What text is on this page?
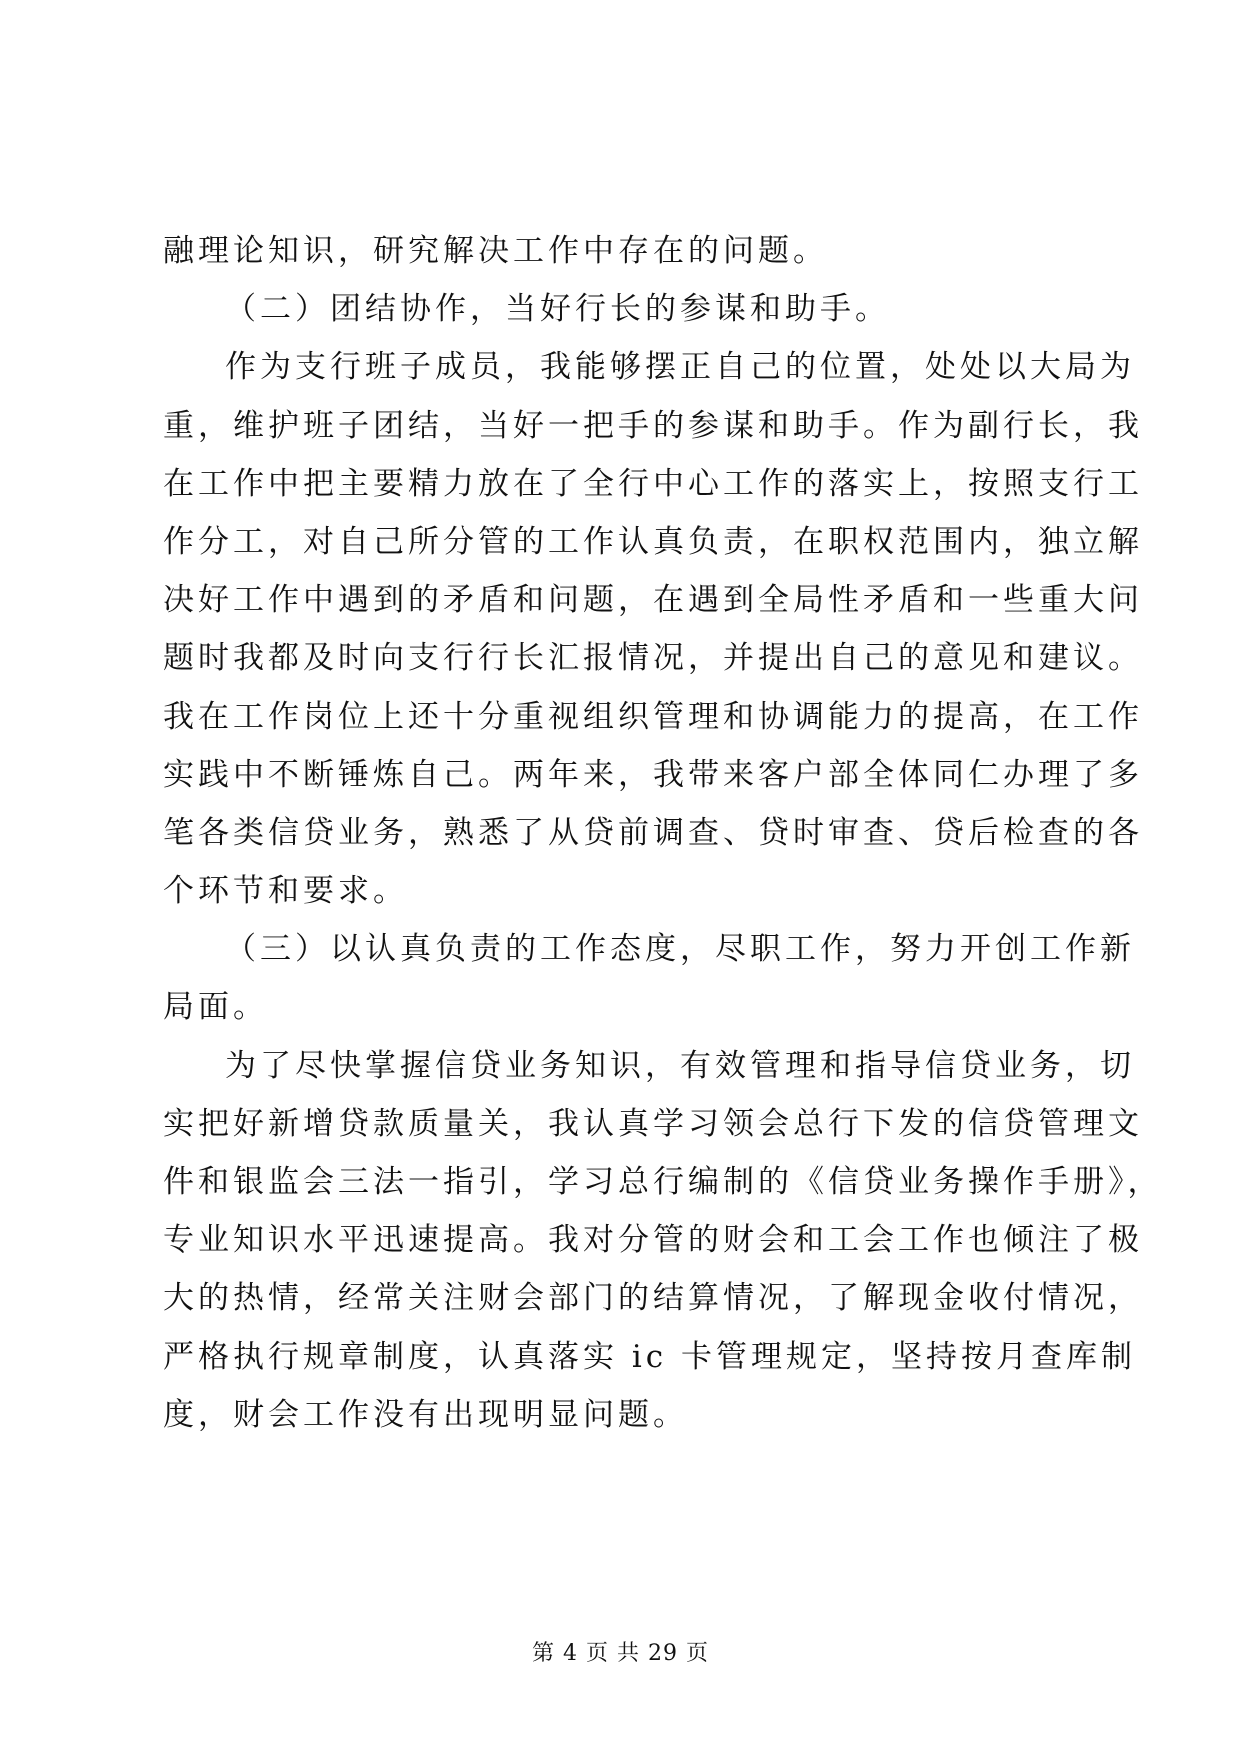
融理论知识，研究解决工作中存在的问题。
（二）团结协作，当好行长的参谋和助手。
作为支行班子成员，我能够摆正自己的位置，处处以大局为
重，维护班子团结，当好一把手的参谋和助手。作为副行长，我
在工作中把主要精力放在了全行中心工作的落实上，按照支行工
作分工，对自己所分管的工作认真负责，在职权范围内，独立解
决好工作中遇到的矛盾和问题，在遇到全局性矛盾和一些重大问
题时我都及时向支行行长汇报情况，并提出自己的意见和建议。
我在工作岗位上还十分重视组织管理和协调能力的提高，在工作
实践中不断锤炼自己。两年来，我带来客户部全体同仁办理了多
笔各类信贷业务，熟悉了从贷前调查、贷时审查、贷后检查的各
个环节和要求。
（三）以认真负责的工作态度，尽职工作，努力开创工作新
局面。
为了尽快掌握信贷业务知识，有效管理和指导信贷业务，切
实把好新增贷款质量关，我认真学习领会总行下发的信贷管理文
件和银监会三法一指引，学习总行编制的《信贷业务操作手册》，
专业知识水平迅速提高。我对分管的财会和工会工作也倾注了极
大的热情，经常关注财会部门的结算情况，了解现金收付情况，
严格执行规章制度，认真落实 ic 卡管理规定，坚持按月查库制
度，财会工作没有出现明显问题。
第 4 页 共 29 页
